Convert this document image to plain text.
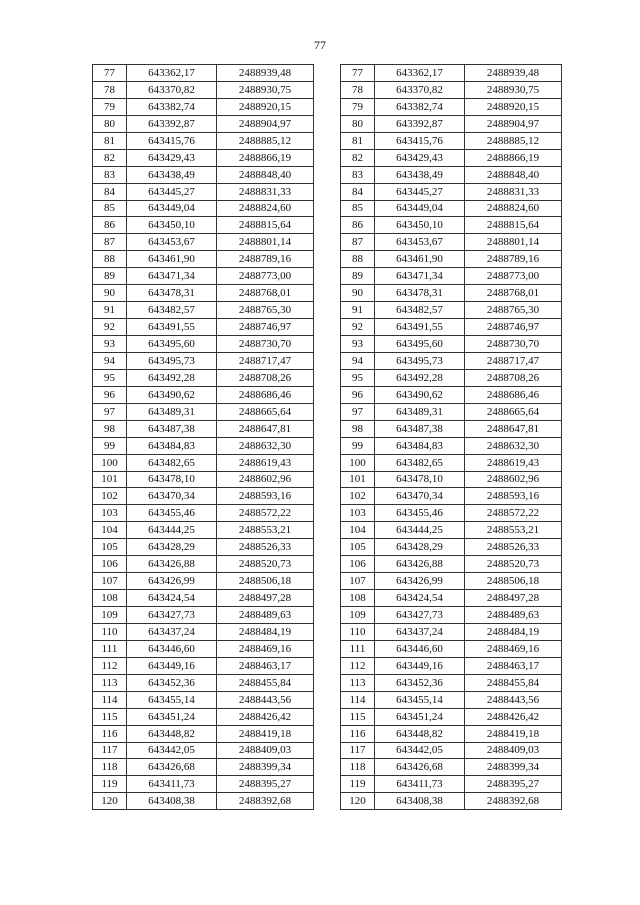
77
77	643362,17	2488939,48
78	643370,82	2488930,75
79	643382,74	2488920,15
80	643392,87	2488904,97
81	643415,76	2488885,12
82	643429,43	2488866,19
83	643438,49	2488848,40
84	643445,27	2488831,33
85	643449,04	2488824,60
86	643450,10	2488815,64
87	643453,67	2488801,14
88	643461,90	2488789,16
89	643471,34	2488773,00
90	643478,31	2488768,01
91	643482,57	2488765,30
92	643491,55	2488746,97
93	643495,60	2488730,70
94	643495,73	2488717,47
95	643492,28	2488708,26
96	643490,62	2488686,46
97	643489,31	2488665,64
98	643487,38	2488647,81
99	643484,83	2488632,30
100	643482,65	2488619,43
101	643478,10	2488602,96
102	643470,34	2488593,16
103	643455,46	2488572,22
104	643444,25	2488553,21
105	643428,29	2488526,33
106	643426,88	2488520,73
107	643426,99	2488506,18
108	643424,54	2488497,28
109	643427,73	2488489,63
110	643437,24	2488484,19
111	643446,60	2488469,16
112	643449,16	2488463,17
113	643452,36	2488455,84
114	643455,14	2488443,56
115	643451,24	2488426,42
116	643448,82	2488419,18
117	643442,05	2488409,03
118	643426,68	2488399,34
119	643411,73	2488395,27
120	643408,38	2488392,68
77	643362,17	2488939,48
78	643370,82	2488930,75
79	643382,74	2488920,15
80	643392,87	2488904,97
81	643415,76	2488885,12
82	643429,43	2488866,19
83	643438,49	2488848,40
84	643445,27	2488831,33
85	643449,04	2488824,60
86	643450,10	2488815,64
87	643453,67	2488801,14
88	643461,90	2488789,16
89	643471,34	2488773,00
90	643478,31	2488768,01
91	643482,57	2488765,30
92	643491,55	2488746,97
93	643495,60	2488730,70
94	643495,73	2488717,47
95	643492,28	2488708,26
96	643490,62	2488686,46
97	643489,31	2488665,64
98	643487,38	2488647,81
99	643484,83	2488632,30
100	643482,65	2488619,43
101	643478,10	2488602,96
102	643470,34	2488593,16
103	643455,46	2488572,22
104	643444,25	2488553,21
105	643428,29	2488526,33
106	643426,88	2488520,73
107	643426,99	2488506,18
108	643424,54	2488497,28
109	643427,73	2488489,63
110	643437,24	2488484,19
111	643446,60	2488469,16
112	643449,16	2488463,17
113	643452,36	2488455,84
114	643455,14	2488443,56
115	643451,24	2488426,42
116	643448,82	2488419,18
117	643442,05	2488409,03
118	643426,68	2488399,34
119	643411,73	2488395,27
120	643408,38	2488392,68
